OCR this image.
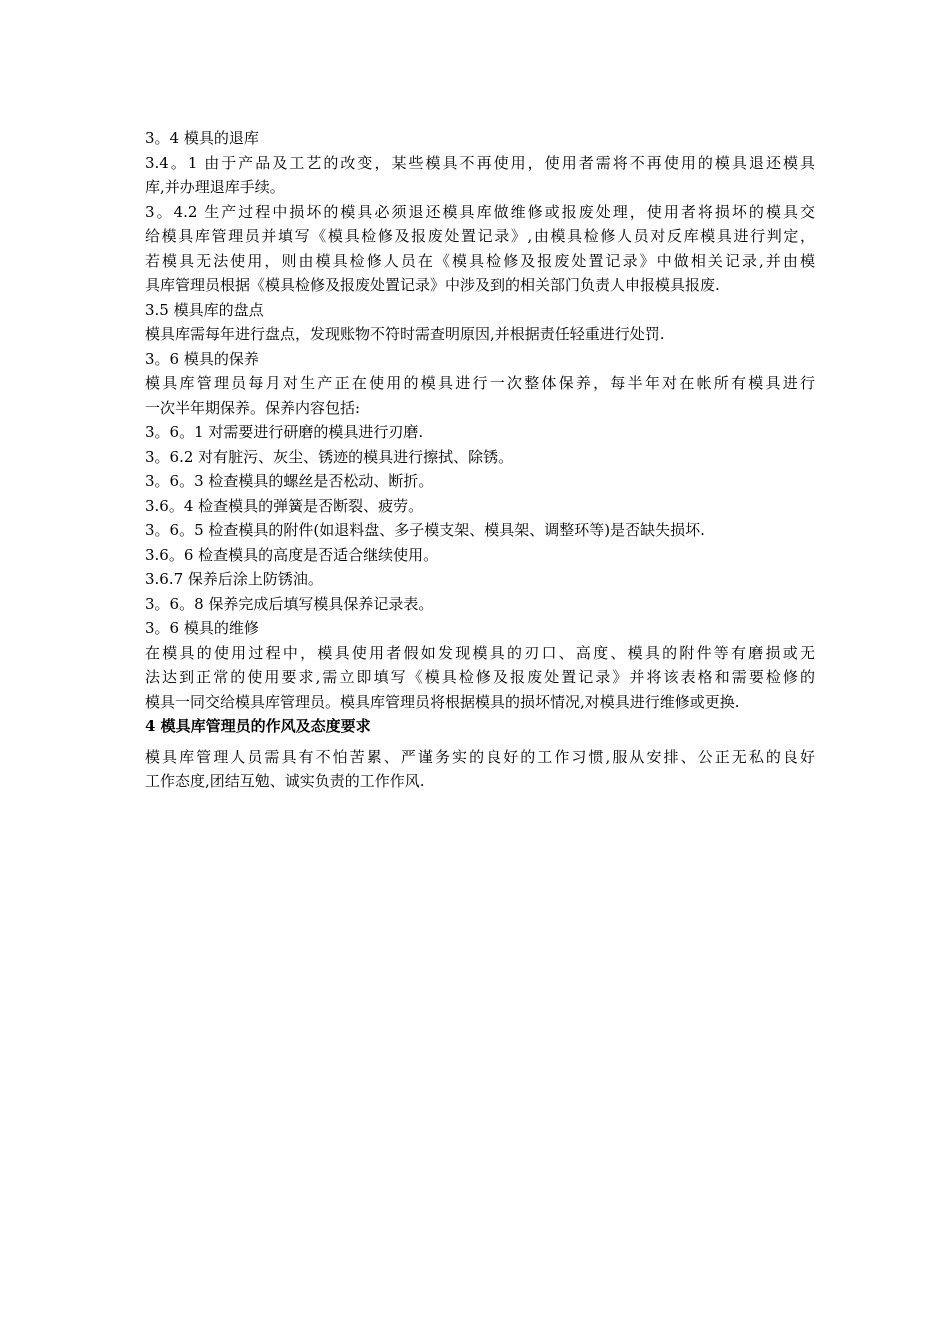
3。4 模具的退库
3.4。1 由于产品及工艺的改变，某些模具不再使用，使用者需将不再使用的模具退还模具
库,并办理退库手续。
3。4.2 生产过程中损坏的模具必须退还模具库做维修或报废处理，使用者将损坏的模具交
给模具库管理员并填写《模具检修及报废处置记录》,由模具检修人员对反库模具进行判定，
若模具无法使用，则由模具检修人员在《模具检修及报废处置记录》中做相关记录,并由模
具库管理员根据《模具检修及报废处置记录》中涉及到的相关部门负责人申报模具报废.
3.5 模具库的盘点
模具库需每年进行盘点，发现账物不符时需查明原因,并根据责任轻重进行处罚.
3。6 模具的保养
模具库管理员每月对生产正在使用的模具进行一次整体保养，每半年对在帐所有模具进行
一次半年期保养。保养内容包括:
3。6。1 对需要进行研磨的模具进行刃磨.
3。6.2 对有脏污、灰尘、锈迹的模具进行擦拭、除锈。
3。6。3 检查模具的螺丝是否松动、断折。
3.6。4 检查模具的弹簧是否断裂、疲劳。
3。6。5 检查模具的附件(如退料盘、多子模支架、模具架、调整环等)是否缺失损坏.
3.6。6 检查模具的高度是否适合继续使用。
3.6.7 保养后涂上防锈油。
3。6。8 保养完成后填写模具保养记录表。
3。6 模具的维修
在模具的使用过程中，模具使用者假如发现模具的刃口、高度、模具的附件等有磨损或无
法达到正常的使用要求,需立即填写《模具检修及报废处置记录》并将该表格和需要检修的
模具一同交给模具库管理员。模具库管理员将根据模具的损坏情况,对模具进行维修或更换.
4 模具库管理员的作风及态度要求
模具库管理人员需具有不怕苦累、严谨务实的良好的工作习惯,服从安排、公正无私的良好
工作态度,团结互勉、诚实负责的工作作风.
